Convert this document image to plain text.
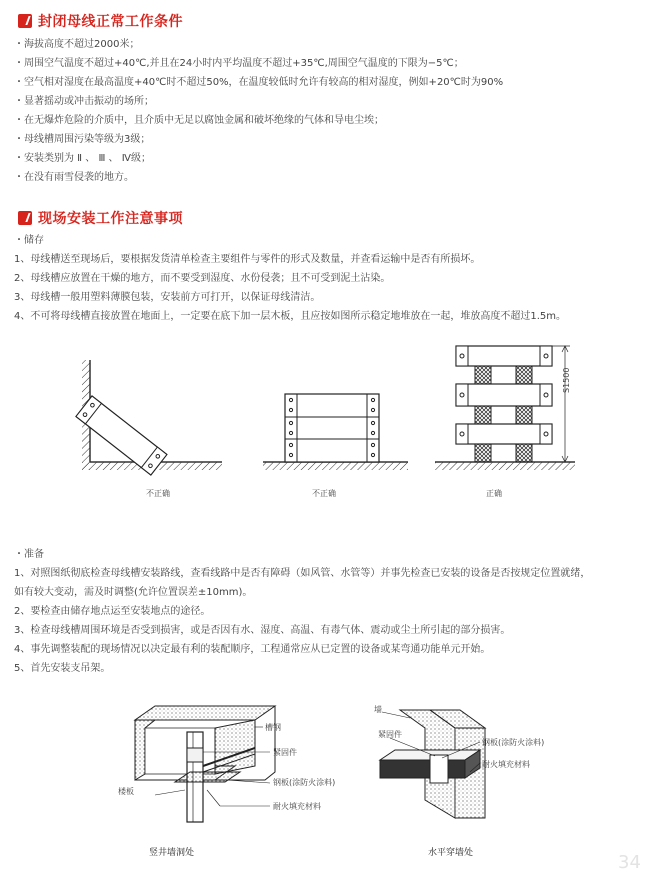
封闭母线正常工作条件
・海拔高度不超过2000米；
・周围空气温度不超过+40℃,并且在24小时内平均温度不超过+35℃,周围空气温度的下限为−5℃；
・空气相对湿度在最高温度+40℃时不超过50%，在温度较低时允许有较高的相对湿度，例如+20℃时为90%
・显著摇动或冲击振动的场所；
・在无爆炸危险的介质中，且介质中无足以腐蚀金属和破坏绝缘的气体和导电尘埃；
・母线槽周围污染等级为3级；
・安装类别为 Ⅱ 、 Ⅲ 、 Ⅳ级；
・在没有雨雪侵袭的地方。
现场安装工作注意事项
・储存
1、母线槽送至现场后，要根据发货清单检查主要组件与零件的形式及数量，并查看运输中是否有所损坏。
2、母线槽应放置在干燥的地方，而不要受到湿度、水份侵袭；且不可受到泥土沾染。
3、母线槽一般用塑料薄膜包装，安装前方可打开，以保证母线清洁。
4、不可将母线槽直接放置在地面上，一定要在底下加一层木板，且应按如图所示稳定地堆放在一起，堆放高度不超过1.5m。
S1500
不正确	不正确	正确
・准备
1、对照图纸彻底检查母线槽安装路线，查看线路中是否有障碍（如风管、水管等）并事先检查已安装的设备是否按规定位置就绪，
如有较大变动，需及时调整(允许位置误差±10mm)。
2、要检查由储存地点运至安装地点的途径。
3、检查母线槽周围环境是否受到损害，或是否因有水、湿度、高温、有毒气体、震动或尘土所引起的部分损害。
4、事先调整装配的现场情况以决定最有利的装配顺序，工程通常应从已定置的设备或某弯通功能单元开始。
5、首先安装支吊架。
槽钢
紧固件
楼板
钢板(涂防火涂料)
耐火填充材料
竖井墙洞处
墙
紧固件
钢板(涂防火涂料)
耐火填充材料
水平穿墙处	34
